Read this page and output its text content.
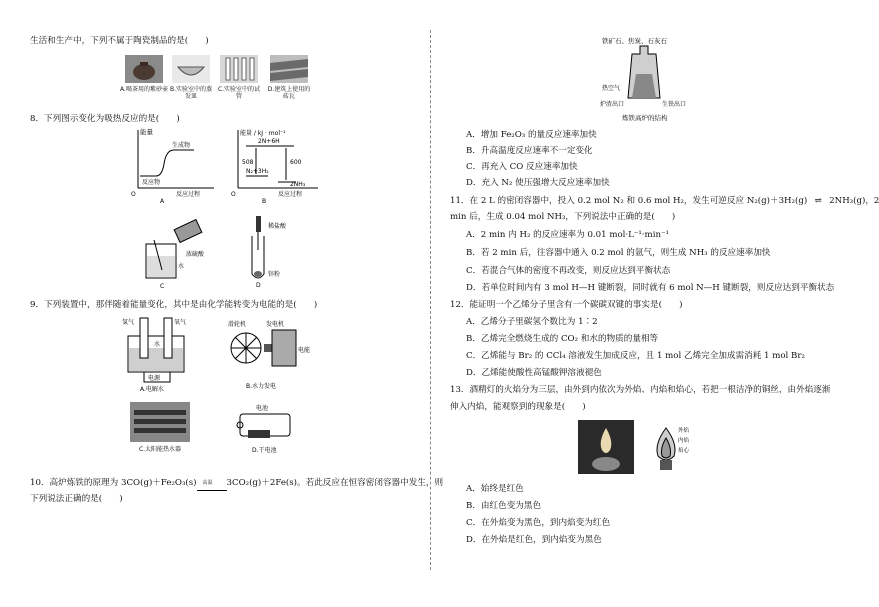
生活和生产中，下列不属于陶瓷制品的是(　　)
A.喝茶用的紫砂壶 B.实验室中的蒸发皿
C.实验室中的试管
D.建筑上使用的砖瓦
8．下列图示变化为吸热反应的是(　　)
能量
生成物
反应物
O	反应过程
A
能量 / kJ · mol⁻¹
2N+6H
508	600
N₂+3H₂
2NH₃
O	反应过程
B
浓硫酸
水
C
稀盐酸
锌粉
D
9．下列装置中，那伴随着能量变化，其中是由化学能转变为电能的是(　　)
氢气	氧气
水
电源
A.电解水
滑轮机	发电机
电能
B.水力发电
C.太阳能热水器
电池
D.干电池
10．高炉炼铁的原理为 3CO(g)＋Fe₂O₃(s) 高温 3CO₂(g)＋2Fe(s)。若此反应在恒容密闭容器中发生，则
下列说法正确的是(　　)
铁矿石、焦炭、石灰石
热空气
炉渣出口	生铁出口
炼铁高炉的结构
A．增加 Fe₂O₃ 的量反应速率加快
B．升高温度反应速率不一定变化
C．再充入 CO 反应速率加快
D．充入 N₂ 使压强增大反应速率加快
11．在 2 L 的密闭容器中，投入 0.2 mol N₂ 和 0.6 mol H₂，发生可逆反应 N₂(g)＋3H₂(g) ⇌ 2NH₃(g)，2
min 后，生成 0.04 mol NH₃，下列说法中正确的是(　　)
A．2 min 内 H₂ 的反应速率为 0.01 mol·L⁻¹·min⁻¹
B．若 2 min 后，往容器中通入 0.2 mol 的氩气，则生成 NH₃ 的反应速率加快
C．若混合气体的密度不再改变，则反应达到平衡状态
D．若单位时间内有 3 mol H—H 键断裂，同时就有 6 mol N—H 键断裂，则反应达到平衡状态
12．能证明一个乙烯分子里含有一个碳碳双键的事实是(　　)
A．乙烯分子里碳氢个数比为 1∶2
B．乙烯完全燃烧生成的 CO₂ 和水的物质的量相等
C．乙烯能与 Br₂ 的 CCl₄ 溶液发生加成反应，且 1 mol 乙烯完全加成需消耗 1 mol Br₂
D．乙烯能使酸性高锰酸钾溶液褪色
13．酒精灯的火焰分为三层，由外到内依次为外焰、内焰和焰心，若把一根洁净的铜丝，由外焰逐渐
伸入内焰，能观察到的现象是(　　)
外焰
内焰
焰心
A．始终是红色
B．由红色变为黑色
C．在外焰变为黑色，到内焰变为红色
D．在外焰是红色，到内焰变为黑色
